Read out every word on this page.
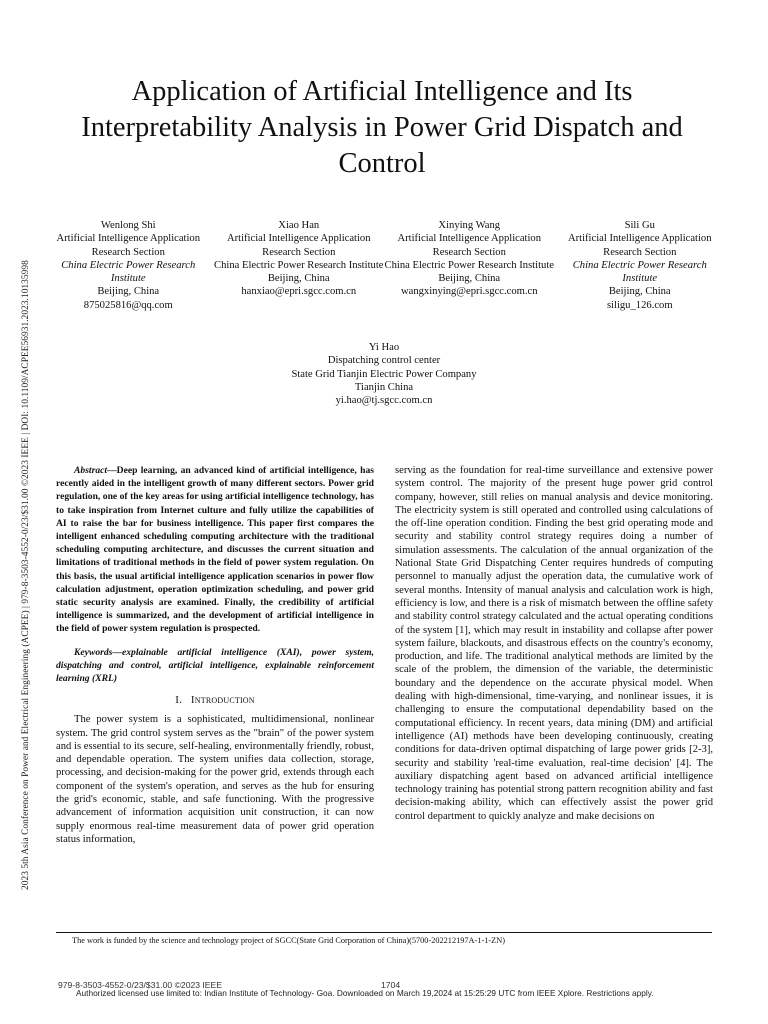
2023 5th Asia Conference on Power and Electrical Engineering (ACPEE) | 979-8-3503-4552-0/23/$31.00 ©2023 IEEE | DOI: 10.1109/ACPEE56931.2023.10135998
Application of Artificial Intelligence and Its Interpretability Analysis in Power Grid Dispatch and Control
Wenlong Shi
Artificial Intelligence Application Research Section
China Electric Power Research Institute
Beijing, China
875025816@qq.com
Xiao Han
Artificial Intelligence Application Research Section
China Electric Power Research Institute
Beijing, China
hanxiao@epri.sgcc.com.cn
Xinying Wang
Artificial Intelligence Application Research Section
China Electric Power Research Institute
Beijing, China
wangxinying@epri.sgcc.com.cn
Sili Gu
Artificial Intelligence Application Research Section
China Electric Power Research Institute
Beijing, China
siligu_126.com
Yi Hao
Dispatching control center
State Grid Tianjin Electric Power Company
Tianjin China
yi.hao@tj.sgcc.com.cn

Abstract—Deep learning, an advanced kind of artificial intelligence, has recently aided in the intelligent growth of many different sectors. Power grid regulation, one of the key areas for using artificial intelligence technology, has to take inspiration from Internet culture and fully utilize the capabilities of AI to raise the bar for business intelligence. This paper first compares the intelligent enhanced scheduling computing architecture with the traditional scheduling computing architecture, and discusses the current situation and limitations of traditional methods in the field of power system regulation. On this basis, the usual artificial intelligence application scenarios in power flow calculation adjustment, operation optimization scheduling, and power grid static security analysis are examined. Finally, the credibility of artificial intelligence is summarized, and the development of artificial intelligence in the field of power system regulation is prospected.

Keywords—explainable artificial intelligence (XAI), power system, dispatching and control, artificial intelligence, explainable reinforcement learning (XRL)

I. Introduction

The power system is a sophisticated, multidimensional, nonlinear system. The grid control system serves as the "brain" of the power system and is essential to its secure, self-healing, environmentally friendly, robust, and dependable operation. The system unifies data collection, storage, processing, and decision-making for the power grid, extends through each component of the system's operation, and serves as the hub for ensuring the grid's economic, stable, and safe functioning. With the progressive advancement of information acquisition unit construction, it can now supply enormous real-time measurement data of power grid operation status information,

serving as the foundation for real-time surveillance and extensive power system control. The majority of the present huge power grid control company, however, still relies on manual analysis and device monitoring. The electricity system is still operated and controlled using calculations of the off-line operation condition. Finding the best grid operating mode and security and stability control strategy requires doing a number of simulation assessments. The calculation of the annual organization of the National State Grid Dispatching Center requires hundreds of computing personnel to manually adjust the operation data, the cumulative work of several months. Intensity of manual analysis and calculation work is high, efficiency is low, and there is a risk of mismatch between the offline safety and stability control strategy calculated and the actual operating conditions of the system [1], which may result in instability and collapse after power system failure, blackouts, and disastrous effects on the country's economy, production, and life. The traditional analytical methods are limited by the scale of the problem, the dimension of the variable, the deterministic boundary and the dependence on the accurate physical model. When dealing with high-dimensional, time-varying, and nonlinear issues, it is challenging to ensure the computational dependability based on the computational efficiency. In recent years, data mining (DM) and artificial intelligence (AI) methods have been developing continuously, creating conditions for data-driven optimal dispatching of large power grids [2-3], security and stability 'real-time evaluation, real-time decision' [4]. The auxiliary dispatching agent based on advanced artificial intelligence technology training has potential strong pattern recognition ability and fast decision-making ability, which can effectively assist the power grid control department to quickly analyze and make decisions on

The work is funded by the science and technology project of SGCC(State Grid Corporation of China)(5700-202212197A-1-1-ZN)
979-8-3503-4552-0/23/$31.00 ©2023 IEEE	1704
Authorized licensed use limited to: Indian Institute of Technology- Goa. Downloaded on March 19,2024 at 15:25:29 UTC from IEEE Xplore. Restrictions apply.
